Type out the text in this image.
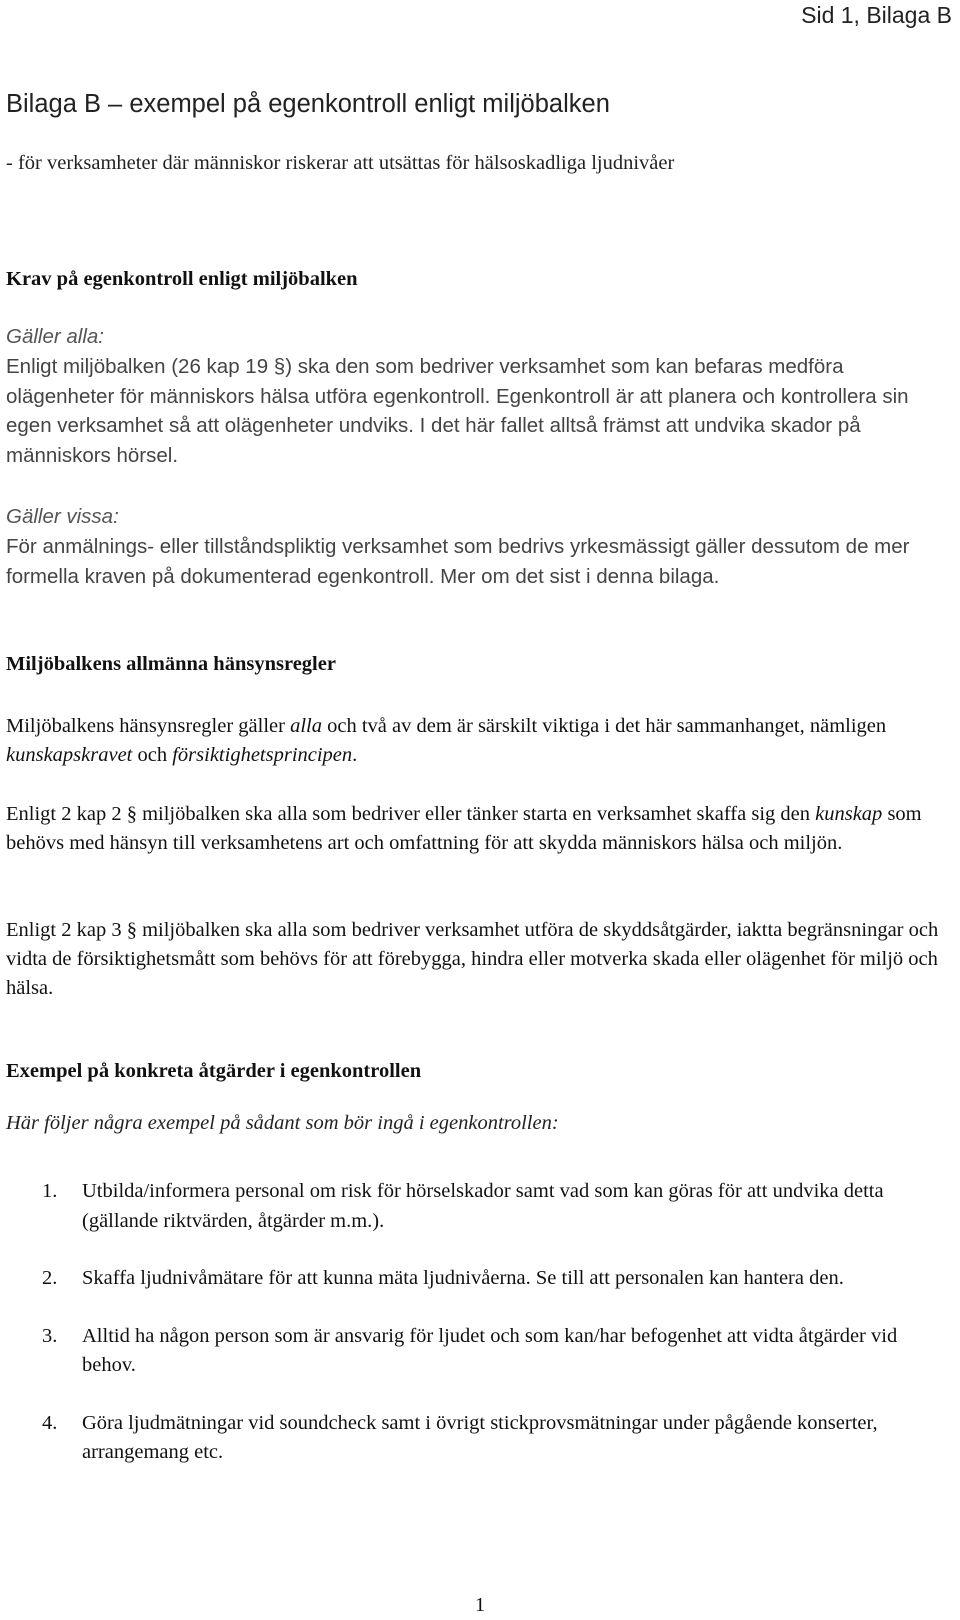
Sid 1, Bilaga B
Bilaga B – exempel på egenkontroll enligt miljöbalken
- för verksamheter där människor riskerar att utsättas för hälsoskadliga ljudnivåer
Krav på egenkontroll enligt miljöbalken
Gäller alla:
Enligt miljöbalken (26 kap 19 §) ska den som bedriver verksamhet som kan befaras medföra olägenheter för människors hälsa utföra egenkontroll. Egenkontroll är att planera och kontrollera sin egen verksamhet så att olägenheter undviks. I det här fallet alltså främst att undvika skador på människors hörsel.
Gäller vissa:
För anmälnings- eller tillståndspliktig verksamhet som bedrivs yrkesmässigt gäller dessutom de mer formella kraven på dokumenterad egenkontroll. Mer om det sist i denna bilaga.
Miljöbalkens allmänna hänsynsregler
Miljöbalkens hänsynsregler gäller alla och två av dem är särskilt viktiga i det här sammanhanget, nämligen kunskapskravet och försiktighetsprincipen.
Enligt 2 kap 2 § miljöbalken ska alla som bedriver eller tänker starta en verksamhet skaffa sig den kunskap som behövs med hänsyn till verksamhetens art och omfattning för att skydda människors hälsa och miljön.
Enligt 2 kap 3 § miljöbalken ska alla som bedriver verksamhet utföra de skyddsåtgärder, iaktta begränsningar och vidta de försiktighetsmått som behövs för att förebygga, hindra eller motverka skada eller olägenhet för miljö och hälsa.
Exempel på konkreta åtgärder i egenkontrollen
Här följer några exempel på sådant som bör ingå i egenkontrollen:
1. Utbilda/informera personal om risk för hörselskador samt vad som kan göras för att undvika detta (gällande riktvärden, åtgärder m.m.).
2. Skaffa ljudnivåmätare för att kunna mäta ljudnivåerna. Se till att personalen kan hantera den.
3. Alltid ha någon person som är ansvarig för ljudet och som kan/har befogenhet att vidta åtgärder vid behov.
4. Göra ljudmätningar vid soundcheck samt i övrigt stickprovsmätningar under pågående konserter, arrangemang etc.
1
